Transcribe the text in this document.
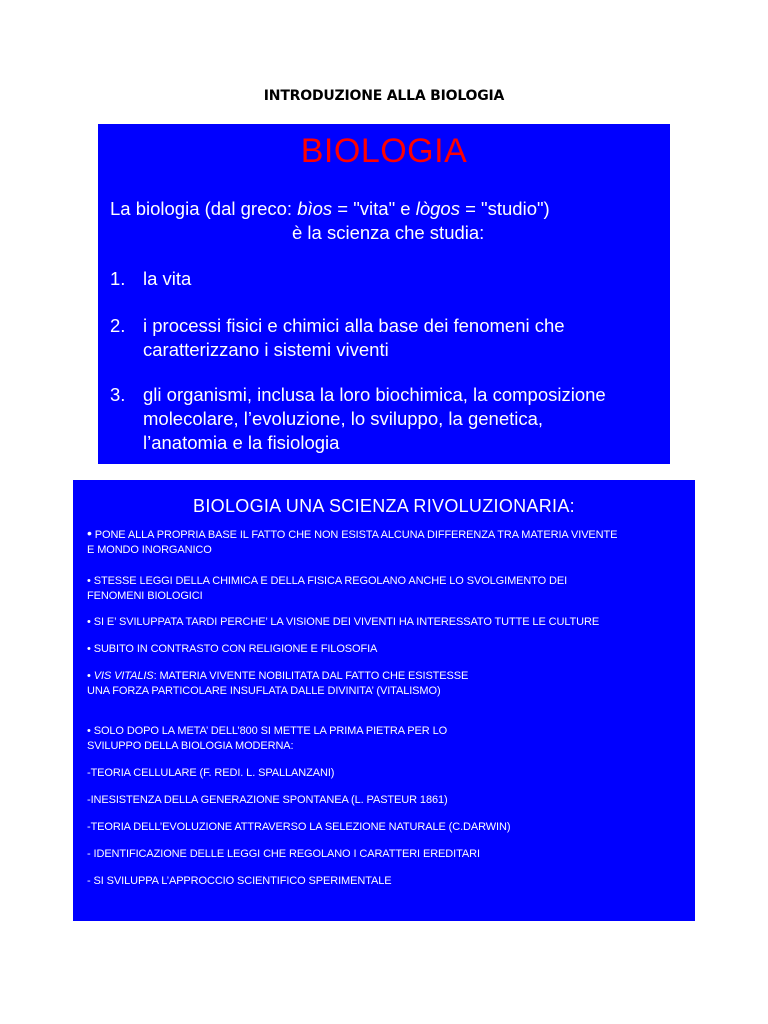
INTRODUZIONE ALLA BIOLOGIA
BIOLOGIA
La biologia (dal greco: bìos = "vita" e lògos = "studio")
è la scienza che studia:
1. la vita
2. i processi fisici e chimici alla base dei fenomeni che
caratterizzano i sistemi viventi
3. gli organismi, inclusa la loro biochimica, la composizione
molecolare, l’evoluzione, lo sviluppo, la genetica,
l’anatomia e la fisiologia
BIOLOGIA UNA SCIENZA RIVOLUZIONARIA:
• PONE ALLA PROPRIA BASE IL FATTO CHE NON ESISTA ALCUNA DIFFERENZA TRA MATERIA VIVENTE
E MONDO INORGANICO
• STESSE LEGGI DELLA CHIMICA E DELLA FISICA REGOLANO ANCHE LO SVOLGIMENTO DEI
FENOMENI BIOLOGICI
• SI E’ SVILUPPATA TARDI PERCHE’ LA VISIONE DEI VIVENTI HA INTERESSATO TUTTE LE CULTURE
• SUBITO IN CONTRASTO CON RELIGIONE E FILOSOFIA
• VIS VITALIS: MATERIA VIVENTE NOBILITATA DAL FATTO CHE ESISTESSE
UNA FORZA PARTICOLARE INSUFLATA DALLE DIVINITA’ (VITALISMO)
• SOLO DOPO LA META’ DELL’800 SI METTE LA PRIMA PIETRA PER LO
SVILUPPO DELLA BIOLOGIA MODERNA:
-TEORIA CELLULARE (F. REDI. L. SPALLANZANI)
-INESISTENZA DELLA GENERAZIONE SPONTANEA (L. PASTEUR 1861)
-TEORIA DELL’EVOLUZIONE ATTRAVERSO LA SELEZIONE NATURALE (C.DARWIN)
- IDENTIFICAZIONE DELLE LEGGI CHE REGOLANO I CARATTERI EREDITARI
- SI SVILUPPA L’APPROCCIO SCIENTIFICO SPERIMENTALE
